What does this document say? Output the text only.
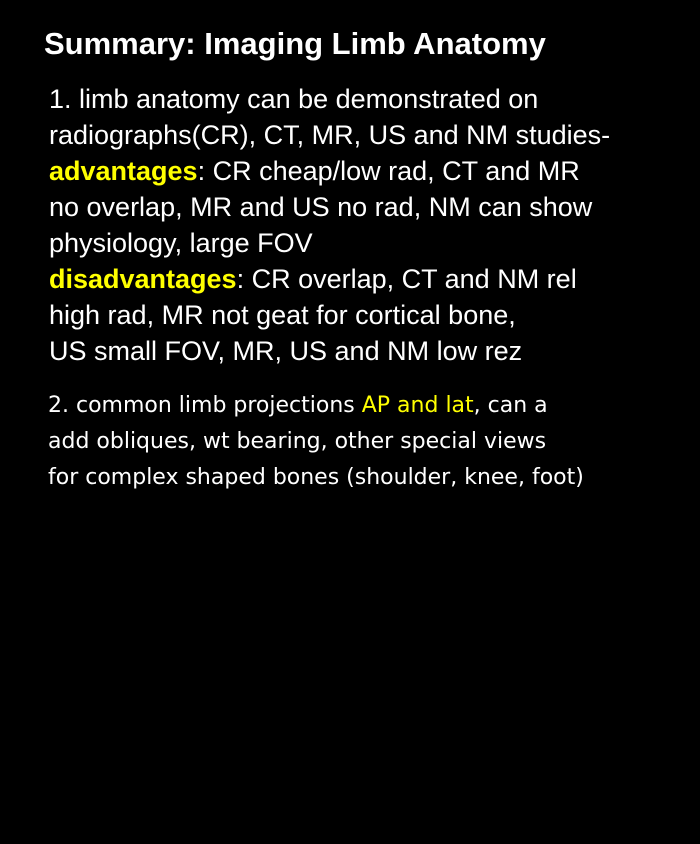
Summary: Imaging Limb Anatomy
1. limb anatomy can be demonstrated on
radiographs(CR), CT, MR, US and NM studies-
advantages: CR cheap/low rad, CT and MR
no overlap, MR and US no rad, NM can show
physiology, large FOV
disadvantages: CR overlap, CT and NM rel
high rad, MR not geat for cortical bone,
US small FOV, MR, US and NM low rez
2. common limb projections AP and lat, can a
add obliques, wt bearing, other special views
for complex shaped bones (shoulder, knee, foot)
